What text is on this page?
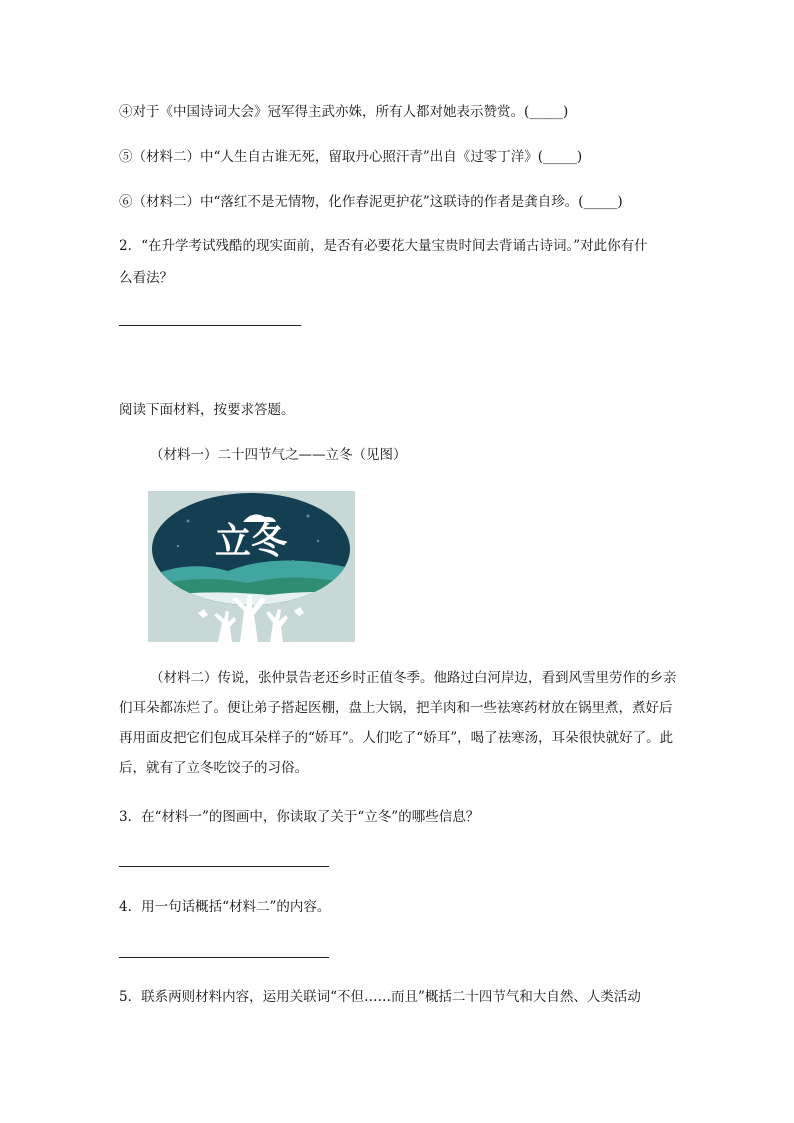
④对于《中国诗词大会》冠军得主武亦姝，所有人都对她表示赞赏。(_____)
⑤（材料二）中“人生自古谁无死，留取丹心照汗青”出自《过零丁洋》(_____)
⑥（材料二）中“落红不是无情物，化作春泥更护花”这联诗的作者是龚自珍。(_____)
2．“在升学考试残酷的现实面前，是否有必要花大量宝贵时间去背诵古诗词。”对此你有什
么看法？
阅读下面材料，按要求答题。
（材料一）二十四节气之——立冬（见图）
立冬
（材料二）传说，张仲景告老还乡时正值冬季。他路过白河岸边，看到风雪里劳作的乡亲们耳朵都冻烂了。便让弟子搭起医棚，盘上大锅，把羊肉和一些祛寒药材放在锅里煮，煮好后再用面皮把它们包成耳朵样子的“娇耳”。人们吃了“娇耳”，喝了祛寒汤，耳朵很快就好了。此后，就有了立冬吃饺子的习俗。
3．在“材料一”的图画中，你读取了关于“立冬”的哪些信息？
4．用一句话概括“材料二”的内容。
5．联系两则材料内容，运用关联词“不但……而且”概括二十四节气和大自然、人类活动
